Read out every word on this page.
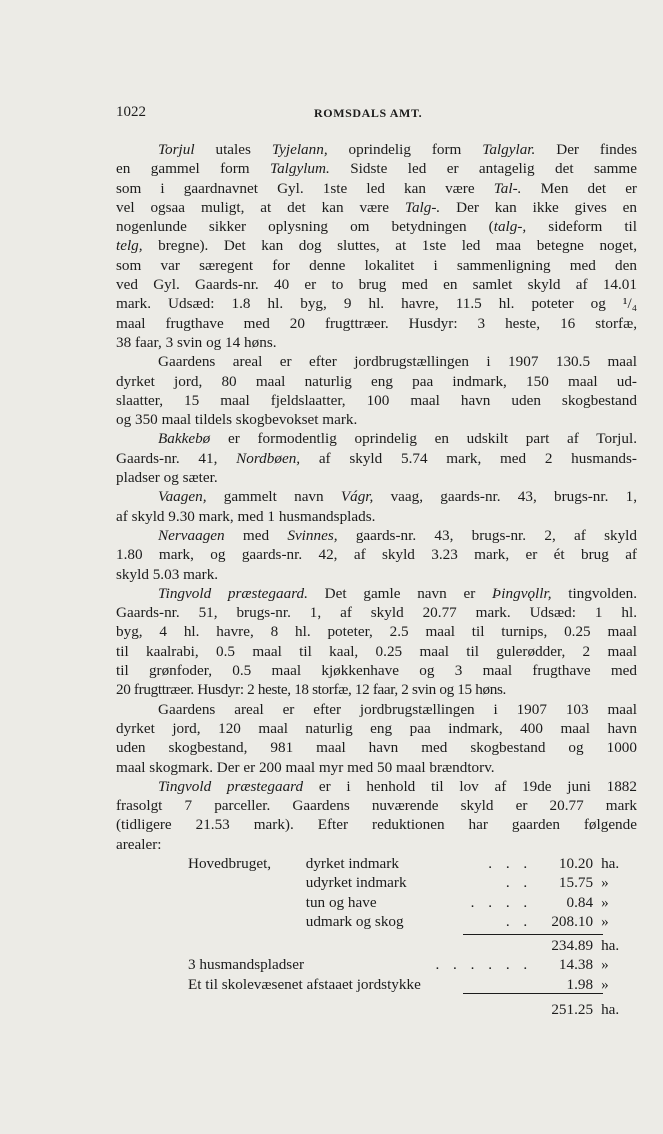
1022	ROMSDALS AMT.
Torjul utales Tyjelann, oprindelig form Talgylar. Der findes
en gammel form Talgylum. Sidste led er antagelig det samme
som i gaardnavnet Gyl. 1ste led kan være Tal-. Men det er
vel ogsaa muligt, at det kan være Talg-. Der kan ikke gives en
nogenlunde sikker oplysning om betydningen (talg-, sideform til
telg, bregne). Det kan dog sluttes, at 1ste led maa betegne noget,
som var særegent for denne lokalitet i sammenligning med den
ved Gyl. Gaards-nr. 40 er to brug med en samlet skyld af 14.01
mark. Udsæd: 1.8 hl. byg, 9 hl. havre, 11.5 hl. poteter og ¹/₄
maal frugthave med 20 frugttræer. Husdyr: 3 heste, 16 storfæ,
38 faar, 3 svin og 14 høns.
Gaardens areal er efter jordbrugstællingen i 1907 130.5 maal
dyrket jord, 80 maal naturlig eng paa indmark, 150 maal ud-
slaatter, 15 maal fjeldslaatter, 100 maal havn uden skogbestand
og 350 maal tildels skogbevokset mark.
Bakkebø er formodentlig oprindelig en udskilt part af Torjul.
Gaards-nr. 41, Nordbøen, af skyld 5.74 mark, med 2 husmands-
pladser og sæter.
Vaagen, gammelt navn Vágr, vaag, gaards-nr. 43, brugs-nr. 1,
af skyld 9.30 mark, med 1 husmandsplads.
Nervaagen med Svinnes, gaards-nr. 43, brugs-nr. 2, af skyld
1.80 mark, og gaards-nr. 42, af skyld 3.23 mark, er ét brug af
skyld 5.03 mark.
Tingvold præstegaard. Det gamle navn er Þingvǫllr, tingvolden.
Gaards-nr. 51, brugs-nr. 1, af skyld 20.77 mark. Udsæd: 1 hl.
byg, 4 hl. havre, 8 hl. poteter, 2.5 maal til turnips, 0.25 maal
til kaalrabi, 0.5 maal til kaal, 0.25 maal til gulerødder, 2 maal
til grønfoder, 0.5 maal kjøkkenhave og 3 maal frugthave med
20 frugttræer. Husdyr: 2 heste, 18 storfæ, 12 faar, 2 svin og 15 høns.
Gaardens areal er efter jordbrugstællingen i 1907 103 maal
dyrket jord, 120 maal naturlig eng paa indmark, 400 maal havn
uden skogbestand, 981 maal havn med skogbestand og 1000
maal skogmark. Der er 200 maal myr med 50 maal brændtorv.
Tingvold præstegaard er i henhold til lov af 19de juni 1882
frasolgt 7 parceller. Gaardens nuværende skyld er 20.77 mark
(tidligere 21.53 mark). Efter reduktionen har gaarden følgende
arealer:
Hovedbruget,	dyrket indmark	. . .	10.20 ha.
udyrket indmark	. .	15.75 »
tun og have	. . . .	0.84 »
udmark og skog	. .	208.10 »
234.89 ha.
3 husmandspladser	. . . . . .	14.38 »
Et til skolevæsenet afstaaet jordstykke	1.98 »
251.25 ha.
